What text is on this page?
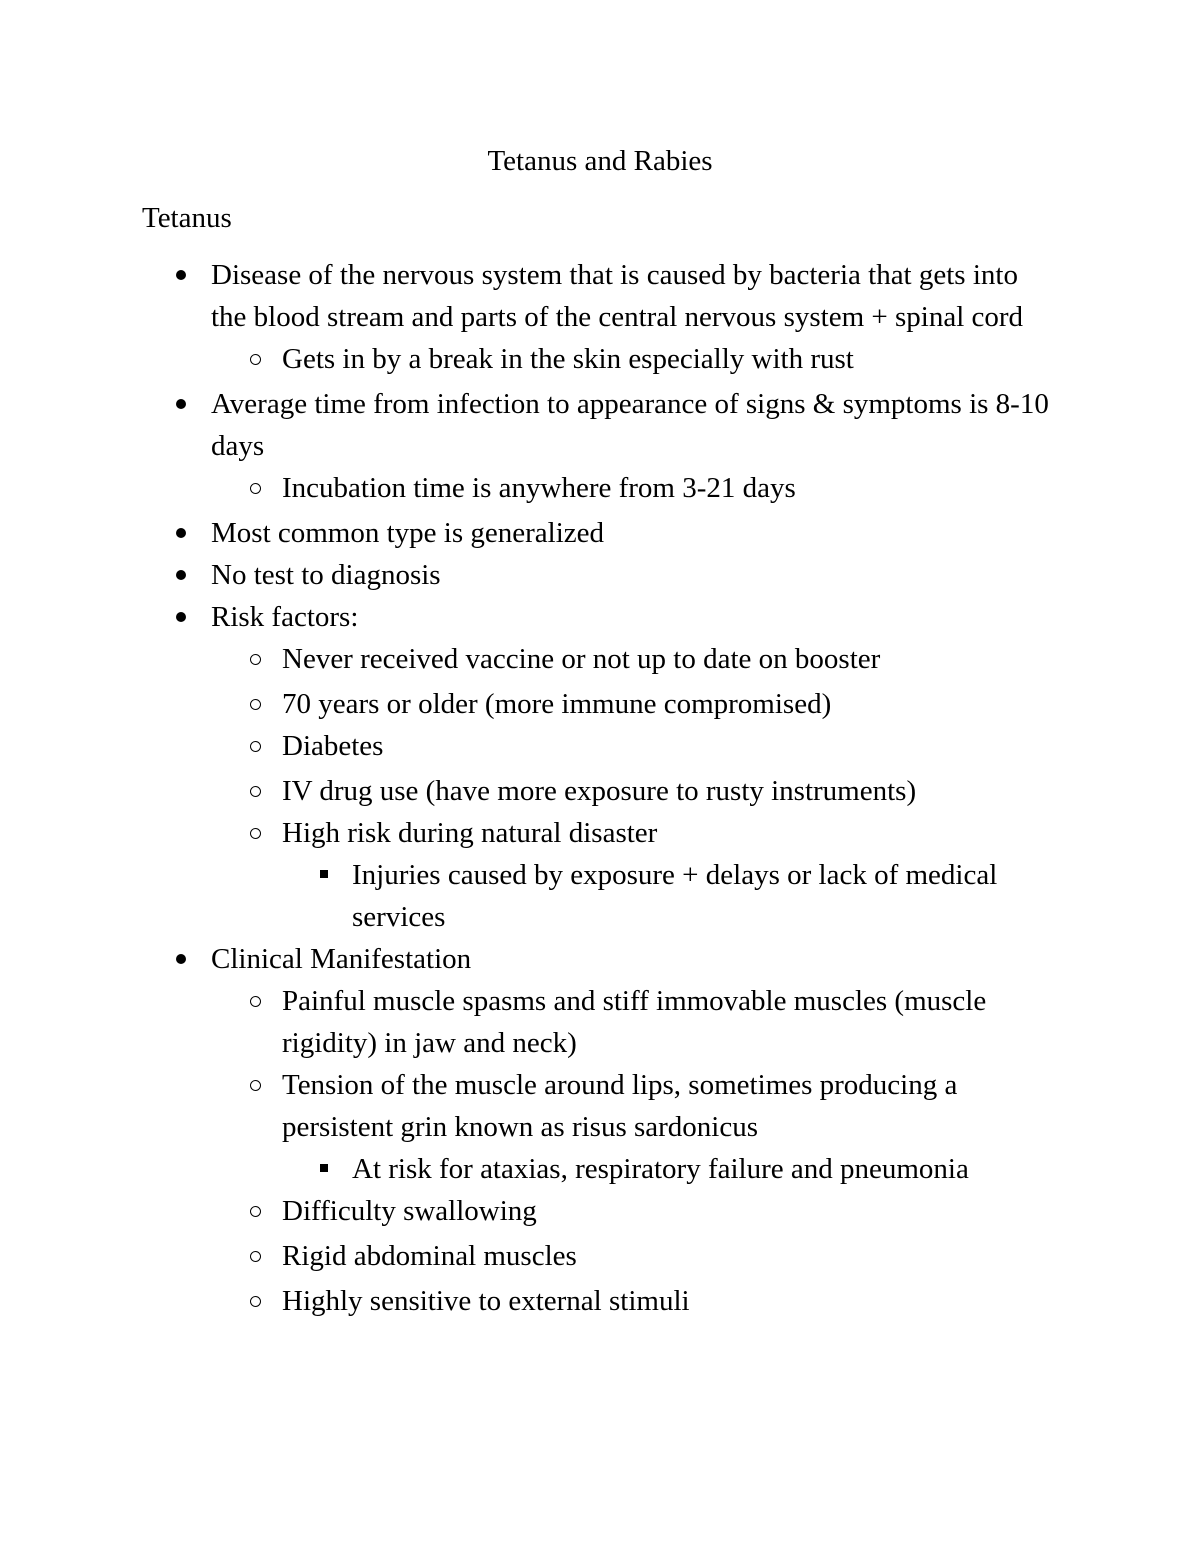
Tetanus and Rabies
Tetanus
Disease of the nervous system that is caused by bacteria that gets into the blood stream and parts of the central nervous system + spinal cord
Gets in by a break in the skin especially with rust
Average time from infection to appearance of signs & symptoms is 8-10 days
Incubation time is anywhere from 3-21 days
Most common type is generalized
No test to diagnosis
Risk factors:
Never received vaccine or not up to date on booster
70 years or older (more immune compromised)
Diabetes
IV drug use (have more exposure to rusty instruments)
High risk during natural disaster
Injuries caused by exposure + delays or lack of medical services
Clinical Manifestation
Painful muscle spasms and stiff immovable muscles (muscle rigidity) in jaw and neck)
Tension of the muscle around lips, sometimes producing a persistent grin known as risus sardonicus
At risk for ataxias, respiratory failure and pneumonia
Difficulty swallowing
Rigid abdominal muscles
Highly sensitive to external stimuli
